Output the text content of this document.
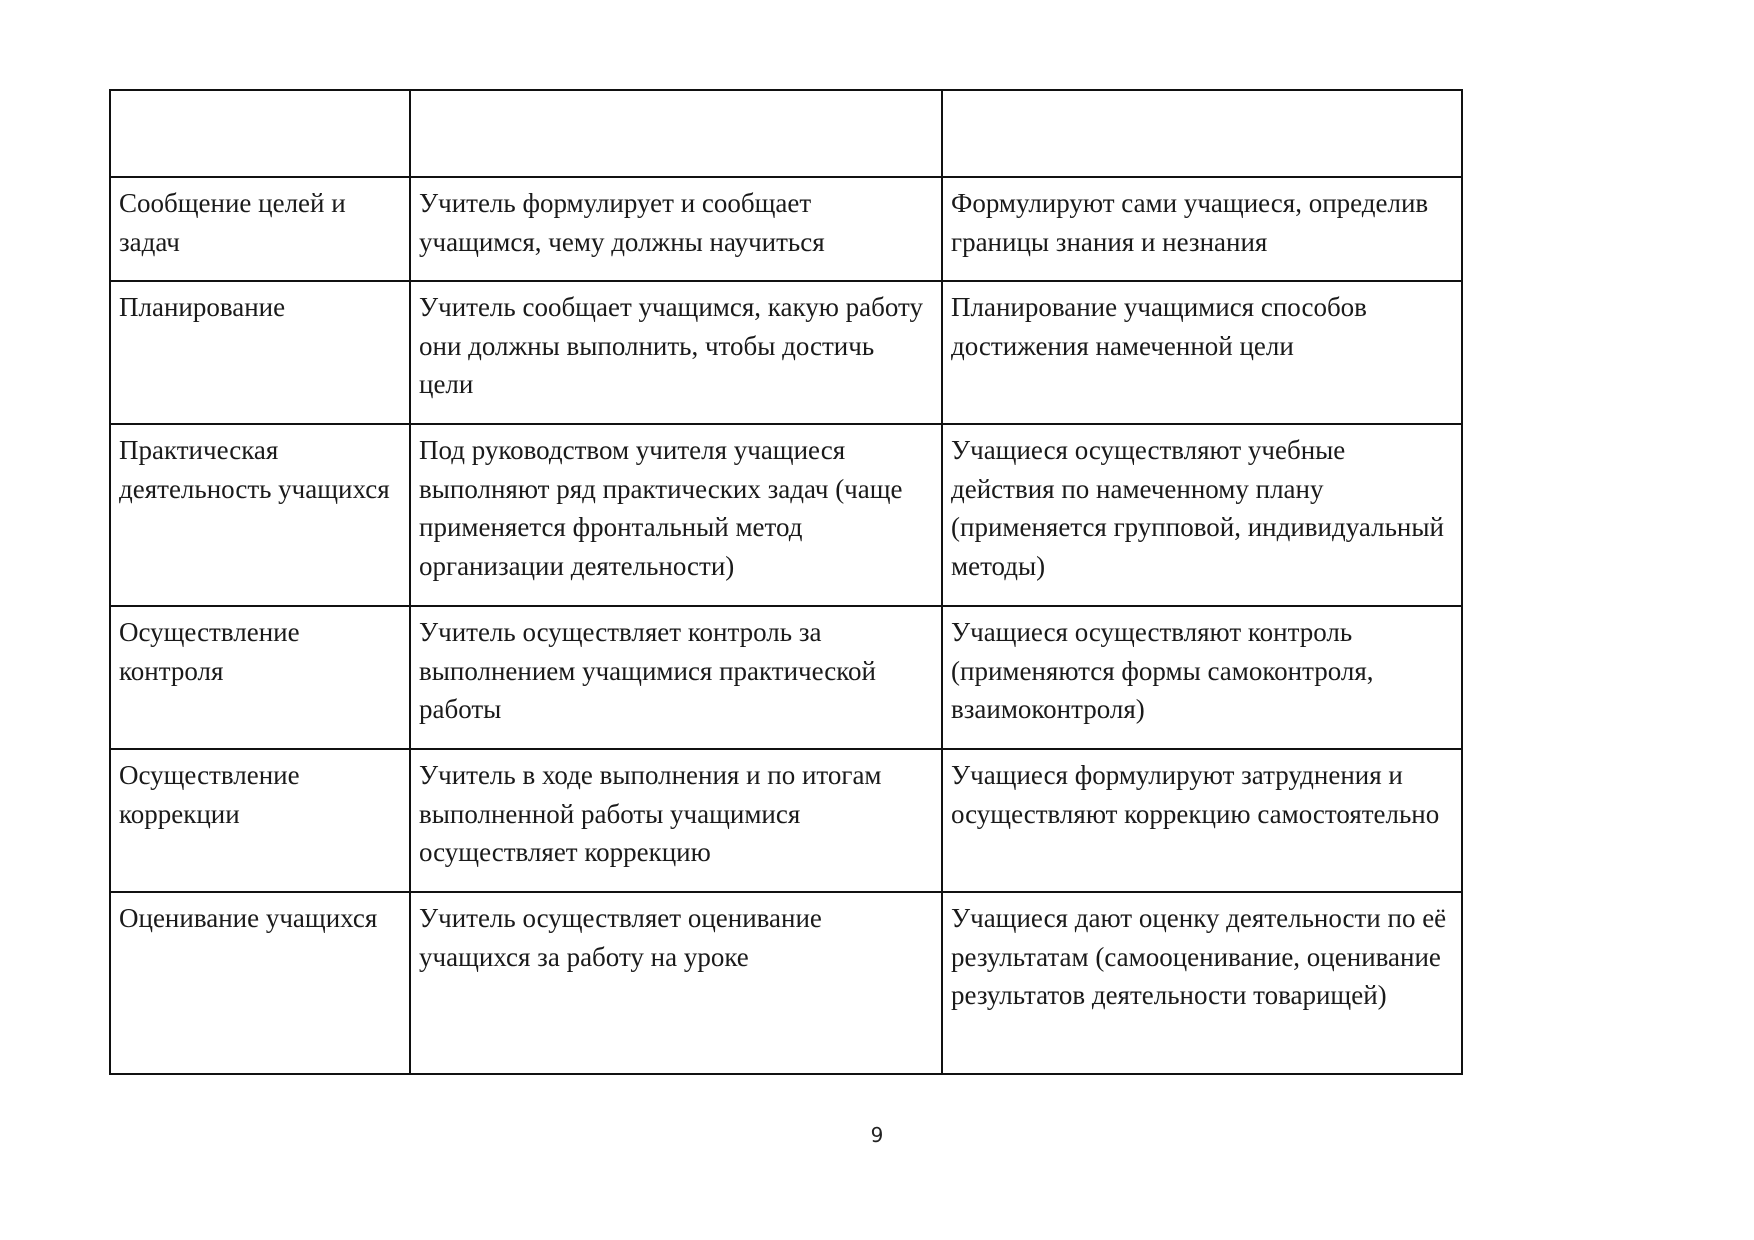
Сообщение целей и задач	Учитель формулирует и сообщает учащимся, чему должны научиться	Формулируют сами учащиеся, определив границы знания и незнания
Планирование	Учитель сообщает учащимся, какую работу они должны выполнить, чтобы достичь цели	Планирование учащимися способов достижения намеченной цели
Практическая деятельность учащихся	Под руководством учителя учащиеся выполняют ряд практических задач (чаще применяется фронтальный метод организации деятельности)	Учащиеся осуществляют учебные действия по намеченному плану (применяется групповой, индивидуальный методы)
Осуществление контроля	Учитель осуществляет контроль за выполнением учащимися практической работы	Учащиеся осуществляют контроль (применяются формы самоконтроля, взаимоконтроля)
Осуществление коррекции	Учитель в ходе выполнения и по итогам выполненной работы учащимися осуществляет коррекцию	Учащиеся формулируют затруднения и осуществляют коррекцию самостоятельно
Оценивание учащихся	Учитель осуществляет оценивание учащихся за работу на уроке	Учащиеся дают оценку деятельности по её результатам (самооценивание, оценивание результатов деятельности товарищей)
9
